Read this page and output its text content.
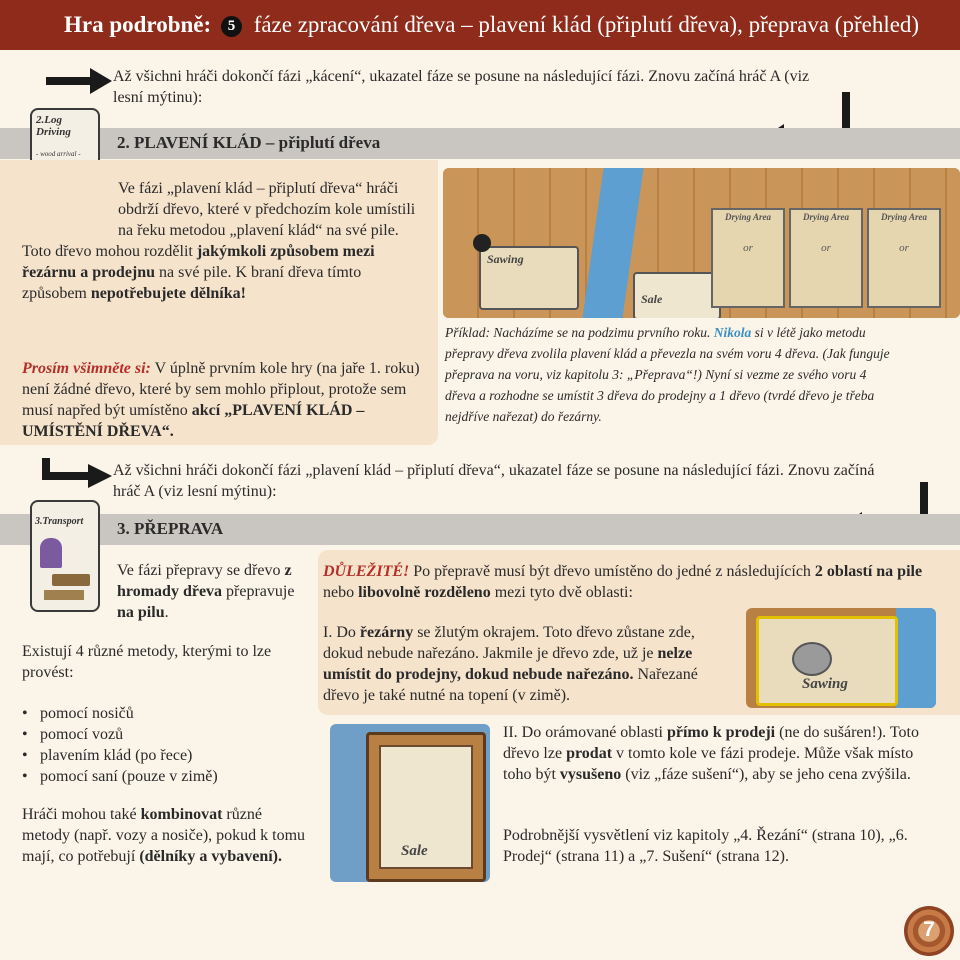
Hra podrobně: 5 fáze zpracování dřeva – plavení klád (připlutí dřeva), přeprava (přehled)
Až všichni hráči dokončí fázi „kácení“, ukazatel fáze se posune na následující fázi. Znovu začíná hráč A (viz lesní mýtinu):
2. PLAVENÍ KLÁD – připlutí dřeva
2.Log Driving
- wood arrival -
Ve fázi „plavení klád – připlutí dřeva“ hráči obdrží dřevo, které v předchozím kole umístili na řeku metodou „plavení klád“ na své pile. Toto dřevo mohou rozdělit jakýmkoli způsobem mezi řezárnu a prodejnu na své pile. K braní dřeva tímto způsobem nepotřebujete dělníka!
Prosím všimněte si: V úplně prvním kole hry (na jaře 1. roku) není žádné dřevo, které by sem mohlo připlout, protože sem musí napřed být umístěno akcí „PLAVENÍ KLÁD – UMÍSTĚNÍ DŘEVA“.
Sawing
Sale
Drying Area
or
Drying Area
or
Drying Area
or
Příklad: Nacházíme se na podzimu prvního roku. Nikola si v létě jako metodu přepravy dřeva zvolila plavení klád a převezla na svém voru 4 dřeva. (Jak funguje přeprava na voru, viz kapitolu 3: „Přeprava“!) Nyní si vezme ze svého voru 4 dřeva a rozhodne se umístit 3 dřeva do prodejny a 1 dřevo (tvrdé dřevo je třeba nejdříve nařezat) do řezárny.
Až všichni hráči dokončí fázi „plavení klád – připlutí dřeva“, ukazatel fáze se posune na následující fázi. Znovu začíná hráč A (viz lesní mýtinu):
3. PŘEPRAVA
3.Transport
Ve fázi přepravy se dřevo z hromady dřeva přepravuje na pilu.
Existují 4 různé metody, kterými to lze provést:
• pomocí nosičů
• pomocí vozů
• plavením klád (po řece)
• pomocí saní (pouze v zimě)
Hráči mohou také kombinovat různé metody (např. vozy a nosiče), pokud k tomu mají, co potřebují (dělníky a vybavení).
DŮLEŽITÉ! Po přepravě musí být dřevo umístěno do jedné z následujících 2 oblastí na pile nebo libovolně rozděleno mezi tyto dvě oblasti:
I. Do řezárny se žlutým okrajem. Toto dřevo zůstane zde, dokud nebude nařezáno. Jakmile je dřevo zde, už je nelze umístit do prodejny, dokud nebude nařezáno. Nařezané dřevo je také nutné na topení (v zimě).
Sawing
Sale
II. Do orámované oblasti přímo k prodeji (ne do sušáren!). Toto dřevo lze prodat v tomto kole ve fázi prodeje. Může však místo toho být vysušeno (viz „fáze sušení“), aby se jeho cena zvýšila.
Podrobnější vysvětlení viz kapitoly „4. Řezání“ (strana 10), „6. Prodej“ (strana 11) a „7. Sušení“ (strana 12).
7
